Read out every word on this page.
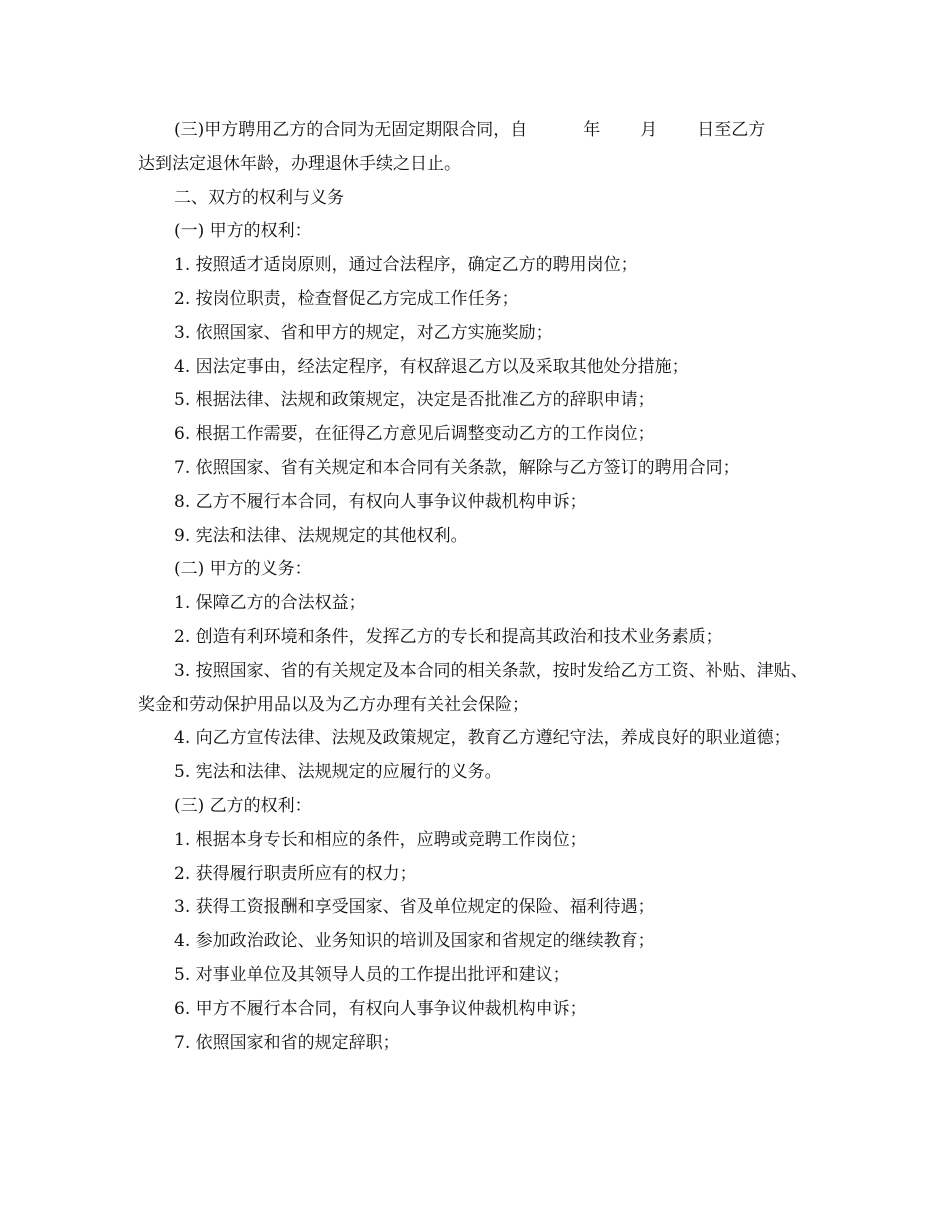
(三)甲方聘用乙方的合同为无固定期限合同，自	年 月 日至乙方

达到法定退休年龄，办理退休手续之日止。

二、双方的权利与义务

(一) 甲方的权利：

1. 按照适才适岗原则，通过合法程序，确定乙方的聘用岗位；

2. 按岗位职责，检查督促乙方完成工作任务；

3. 依照国家、省和甲方的规定，对乙方实施奖励；

4. 因法定事由，经法定程序，有权辞退乙方以及采取其他处分措施；

5. 根据法律、法规和政策规定，决定是否批准乙方的辞职申请；

6. 根据工作需要，在征得乙方意见后调整变动乙方的工作岗位；

7. 依照国家、省有关规定和本合同有关条款，解除与乙方签订的聘用合同；

8. 乙方不履行本合同，有权向人事争议仲裁机构申诉；

9. 宪法和法律、法规规定的其他权利。

(二) 甲方的义务：

1. 保障乙方的合法权益；

2. 创造有利环境和条件，发挥乙方的专长和提高其政治和技术业务素质；

3. 按照国家、省的有关规定及本合同的相关条款，按时发给乙方工资、补贴、津贴、奖金和劳动保护用品以及为乙方办理有关社会保险；

4. 向乙方宣传法律、法规及政策规定，教育乙方遵纪守法，养成良好的职业道德；

5. 宪法和法律、法规规定的应履行的义务。

(三) 乙方的权利：

1. 根据本身专长和相应的条件，应聘或竞聘工作岗位；

2. 获得履行职责所应有的权力；

3. 获得工资报酬和享受国家、省及单位规定的保险、福利待遇；

4. 参加政治政论、业务知识的培训及国家和省规定的继续教育；

5. 对事业单位及其领导人员的工作提出批评和建议；

6. 甲方不履行本合同，有权向人事争议仲裁机构申诉；

7. 依照国家和省的规定辞职；
